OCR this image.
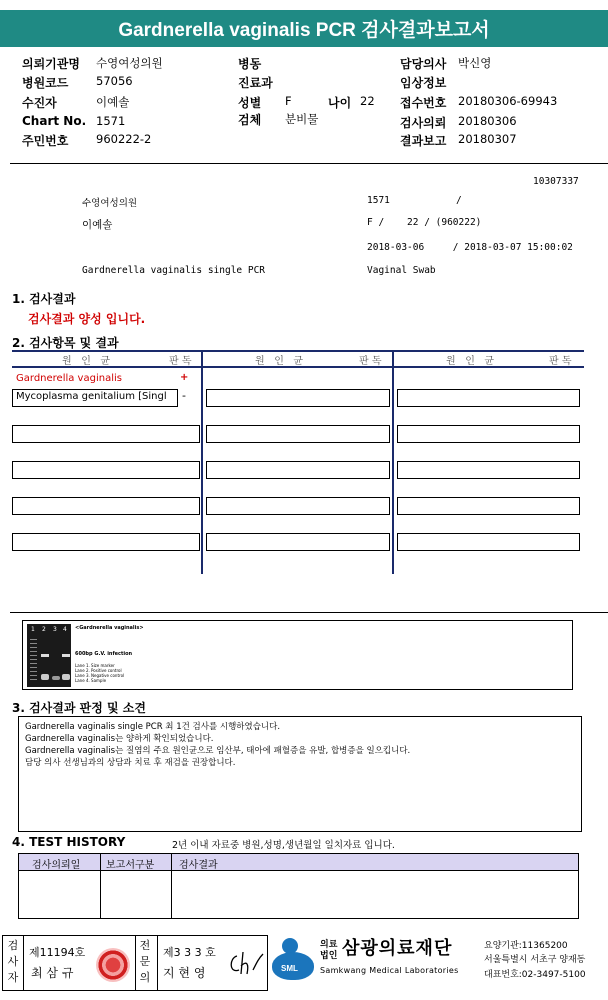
Gardnerella vaginalis PCR 검사결과보고서
의뢰기관명 수영여성의원	병동	담당의사 박신영
병원코드 57056	진료과	임상정보
수진자	이예솔	성별 F	나이 22 접수번호 20180306-69943
Chart No. 1571	검체 분비물	검사의뢰 20180306
주민번호 960222-2	결과보고 20180307
10307337
수영여성의원	1571	/
이예솔	F /    22 / (960222)
2018-03-06     / 2018-03-07 15:00:02
Gardnerella vaginalis single PCR	Vaginal Swab
1. 검사결과
검사결과 양성 입니다.
2. 검사항목 및 결과
원   인   균	판 독	원   인   균	판 독	원   인   균	판 독
Gardnerella vaginalis	+
Mycoplasma genitalium [Singl	-
1 2 3 4 <Gardnerella vaginalis>
600bp G.V. infection
Lane 1. Size marker
Lane 2. Positive control
Lane 3. Negative control
Lane 4. Sample
3. 검사결과 판정 및 소견
Gardnerella vaginalis single PCR 최 1건 검사를 시행하였습니다.
Gardnerella vaginalis는 양하게 확인되었습니다.
Gardnerella vaginalis는 질염의 주요 원인균으로 임산부, 태아에 패혈증을 유발, 합병증을 일으킵니다.
담당 의사 선생님과의 상담과 치료 후 재검을 권장합니다.
4. TEST HISTORY	2년 이내 자료중 병원,성명,생년월일 일치자료 입니다.
검사의뢰일	보고서구분 검사결과
검사자
제11194호
최 삼 규
전문의
제3 3 3 호
지 현 영	SML
의료법인 삼광의료재단
Samkwang Medical Laboratories
요양기관:11365200
서울특별시 서초구 양재동
대표번호:02-3497-5100
